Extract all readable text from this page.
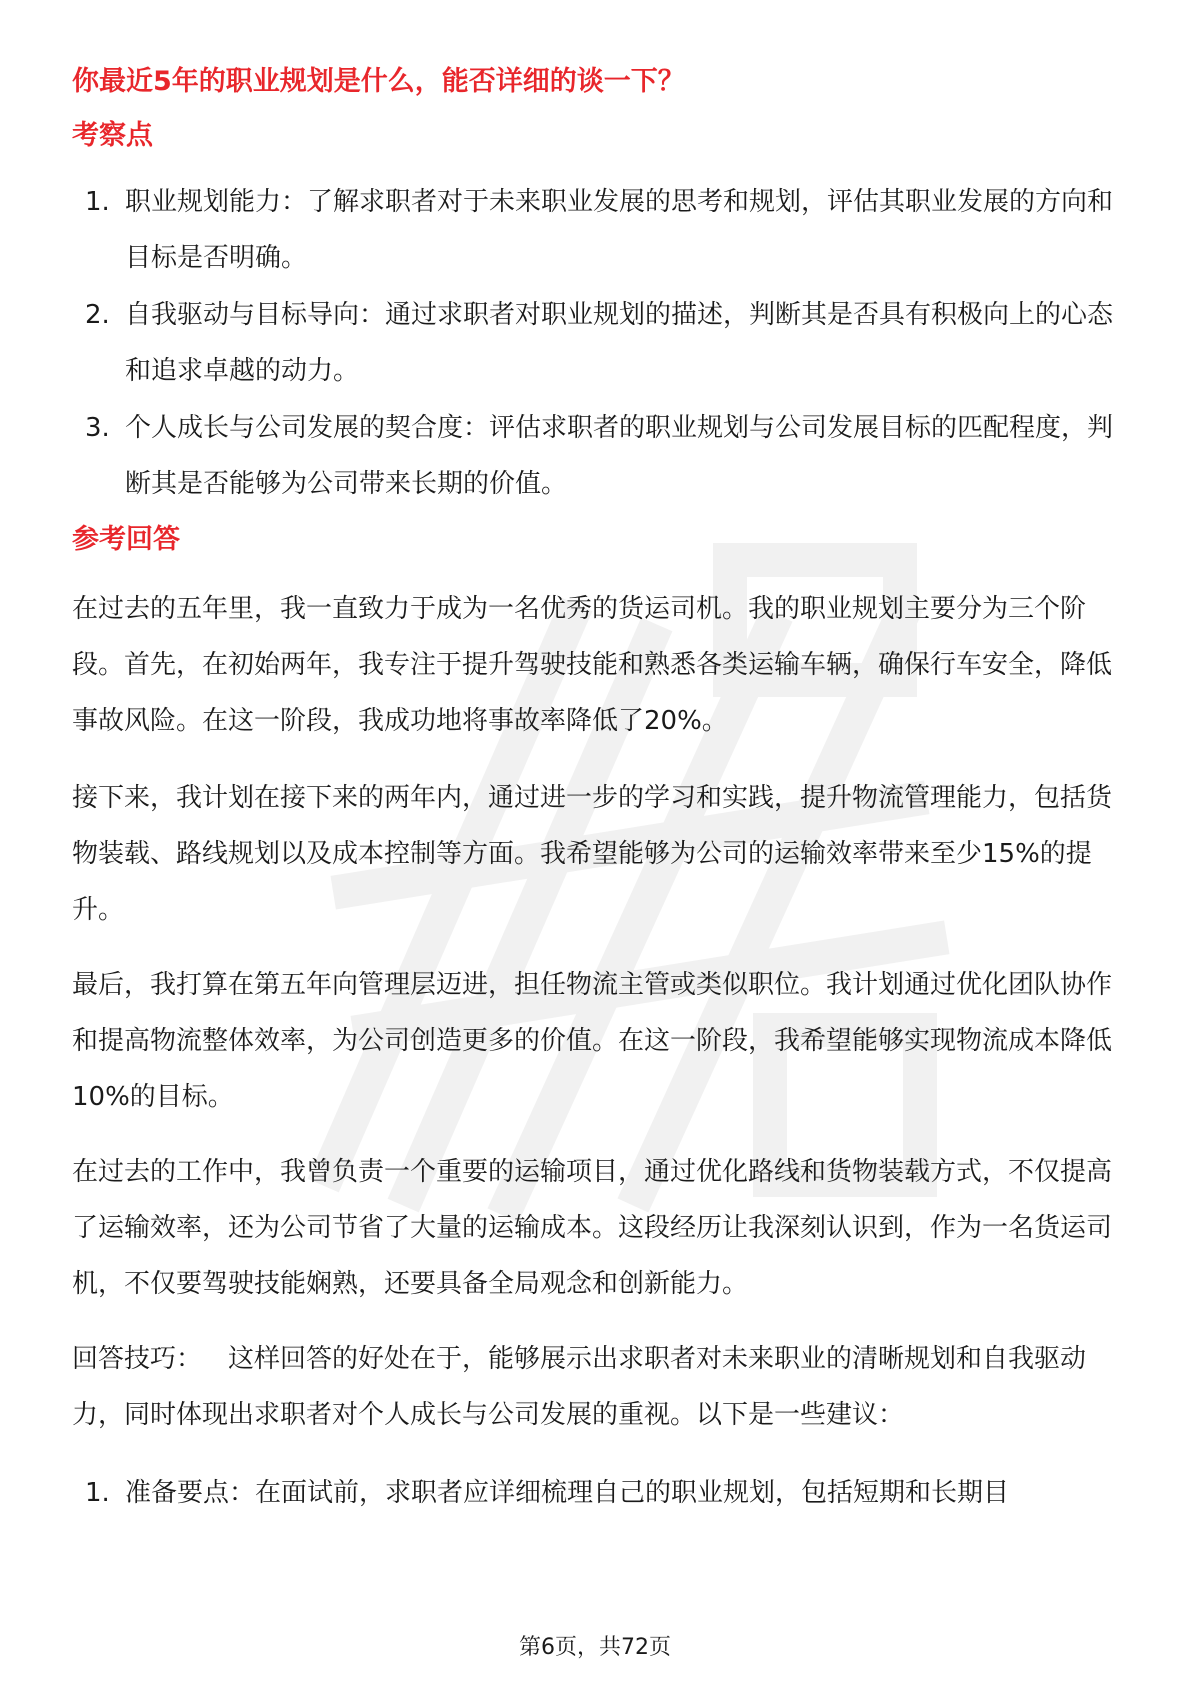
你最近5年的职业规划是什么，能否详细的谈一下？
考察点
1. 职业规划能力：了解求职者对于未来职业发展的思考和规划，评估其职业发展的方向和目标是否明确。
2. 自我驱动与目标导向：通过求职者对职业规划的描述，判断其是否具有积极向上的心态和追求卓越的动力。
3. 个人成长与公司发展的契合度：评估求职者的职业规划与公司发展目标的匹配程度，判断其是否能够为公司带来长期的价值。
参考回答

在过去的五年里，我一直致力于成为一名优秀的货运司机。我的职业规划主要分为三个阶段。首先，在初始两年，我专注于提升驾驶技能和熟悉各类运输车辆，确保行车安全，降低事故风险。在这一阶段，我成功地将事故率降低了20%。

接下来，我计划在接下来的两年内，通过进一步的学习和实践，提升物流管理能力，包括货物装载、路线规划以及成本控制等方面。我希望能够为公司的运输效率带来至少15%的提升。

最后，我打算在第五年向管理层迈进，担任物流主管或类似职位。我计划通过优化团队协作和提高物流整体效率，为公司创造更多的价值。在这一阶段，我希望能够实现物流成本降低10%的目标。

在过去的工作中，我曾负责一个重要的运输项目，通过优化路线和货物装载方式，不仅提高了运输效率，还为公司节省了大量的运输成本。这段经历让我深刻认识到，作为一名货运司机，不仅要驾驶技能娴熟，还要具备全局观念和创新能力。

回答技巧： 这样回答的好处在于，能够展示出求职者对未来职业的清晰规划和自我驱动力，同时体现出求职者对个人成长与公司发展的重视。以下是一些建议：

1. 准备要点：在面试前，求职者应详细梳理自己的职业规划，包括短期和长期目
第6页，共72页
